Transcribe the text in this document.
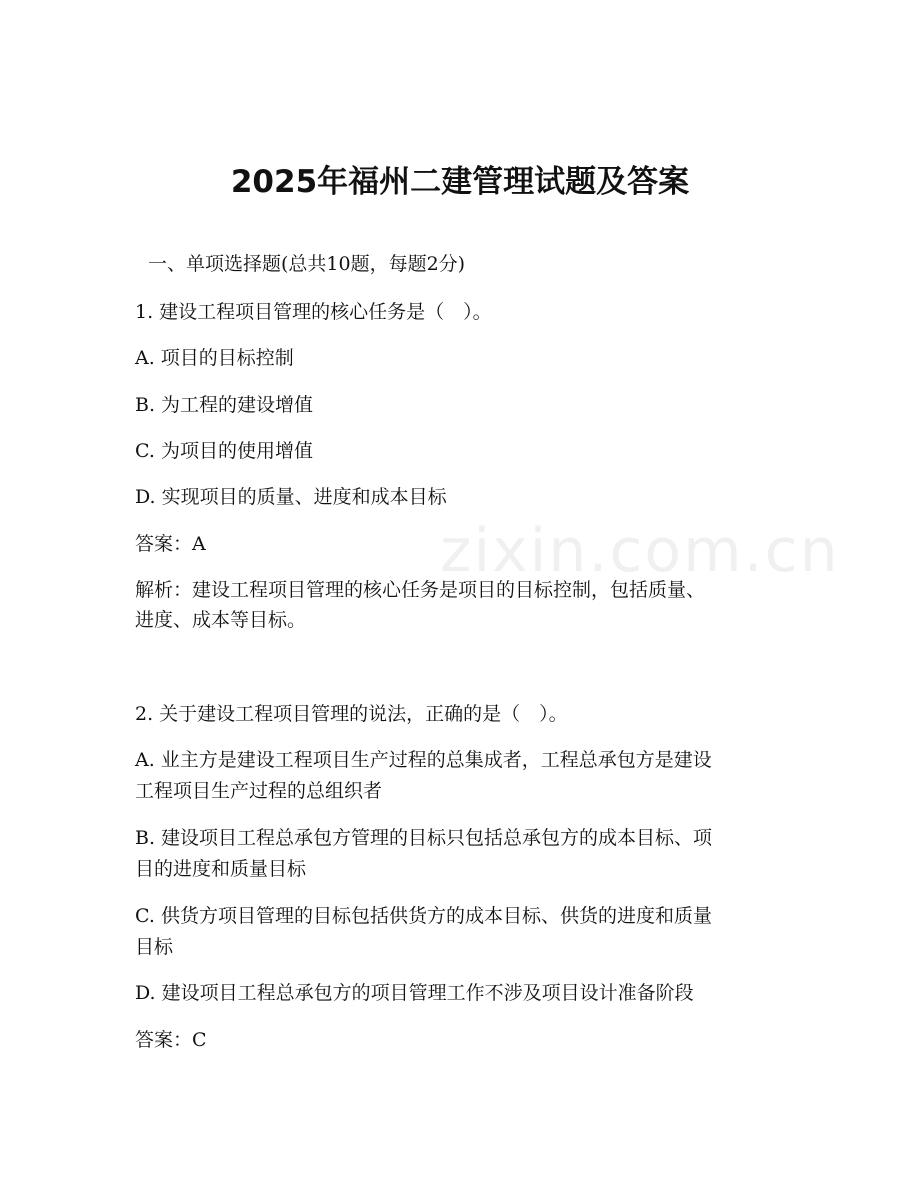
2025年福州二建管理试题及答案
一、单项选择题(总共10题，每题2分)
1. 建设工程项目管理的核心任务是（　）。
A. 项目的目标控制
B. 为工程的建设增值
C. 为项目的使用增值
D. 实现项目的质量、进度和成本目标
答案：A
解析：建设工程项目管理的核心任务是项目的目标控制，包括质量、
进度、成本等目标。
2. 关于建设工程项目管理的说法，正确的是（　）。
A. 业主方是建设工程项目生产过程的总集成者，工程总承包方是建设
工程项目生产过程的总组织者
B. 建设项目工程总承包方管理的目标只包括总承包方的成本目标、项
目的进度和质量目标
C. 供货方项目管理的目标包括供货方的成本目标、供货的进度和质量
目标
D. 建设项目工程总承包方的项目管理工作不涉及项目设计准备阶段
答案：C
zixin.com.cn
